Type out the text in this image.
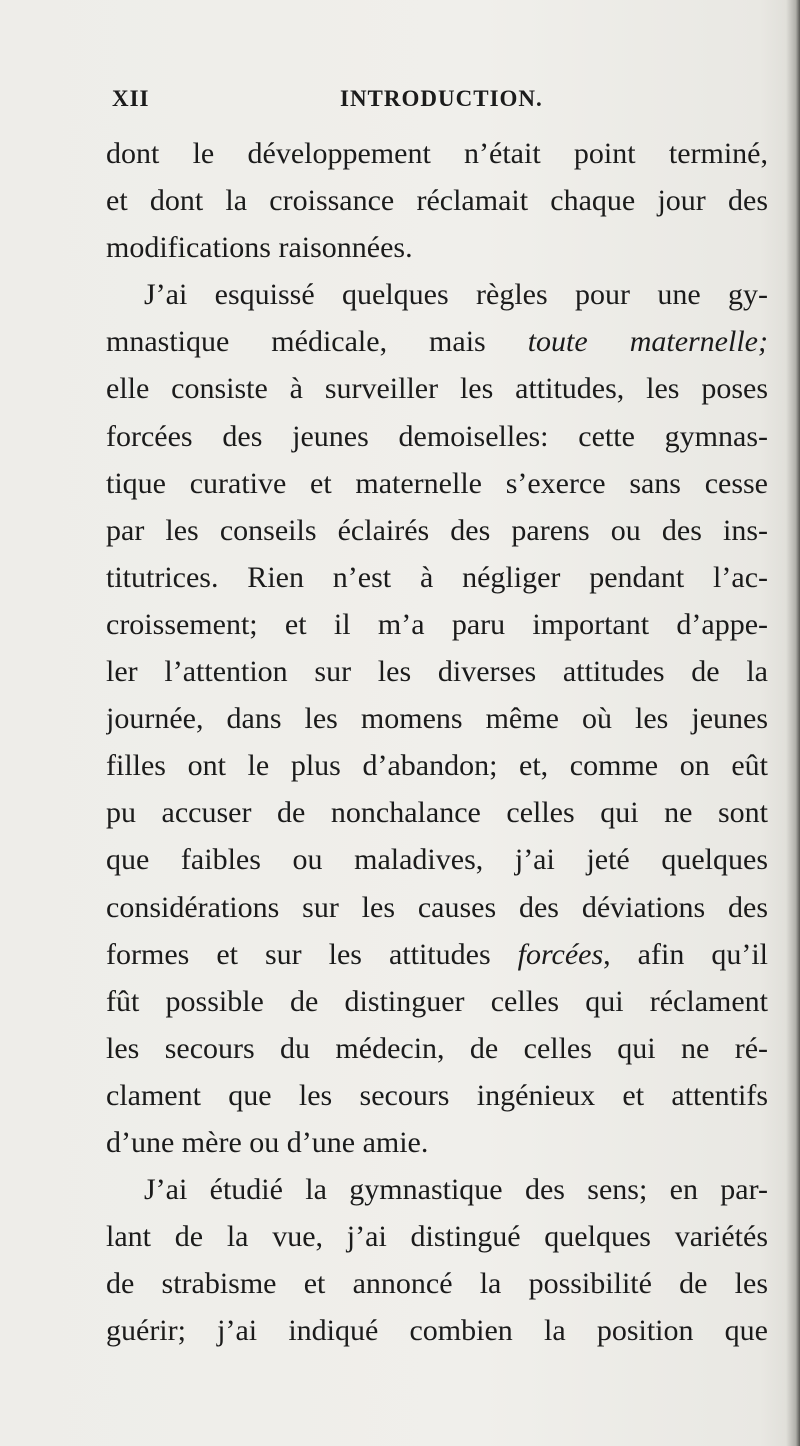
XII	INTRODUCTION.
dont le développement n’était point terminé,
et dont la croissance réclamait chaque jour des
modifications raisonnées.
J’ai esquissé quelques règles pour une gy-
mnastique médicale, mais toute maternelle;
elle consiste à surveiller les attitudes, les poses
forcées des jeunes demoiselles: cette gymnas-
tique curative et maternelle s’exerce sans cesse
par les conseils éclairés des parens ou des ins-
titutrices. Rien n’est à négliger pendant l’ac-
croissement; et il m’a paru important d’appe-
ler l’attention sur les diverses attitudes de la
journée, dans les momens même où les jeunes
filles ont le plus d’abandon; et, comme on eût
pu accuser de nonchalance celles qui ne sont
que faibles ou maladives, j’ai jeté quelques
considérations sur les causes des déviations des
formes et sur les attitudes forcées, afin qu’il
fût possible de distinguer celles qui réclament
les secours du médecin, de celles qui ne ré-
clament que les secours ingénieux et attentifs
d’une mère ou d’une amie.
J’ai étudié la gymnastique des sens; en par-
lant de la vue, j’ai distingué quelques variétés
de strabisme et annoncé la possibilité de les
guérir; j’ai indiqué combien la position que
